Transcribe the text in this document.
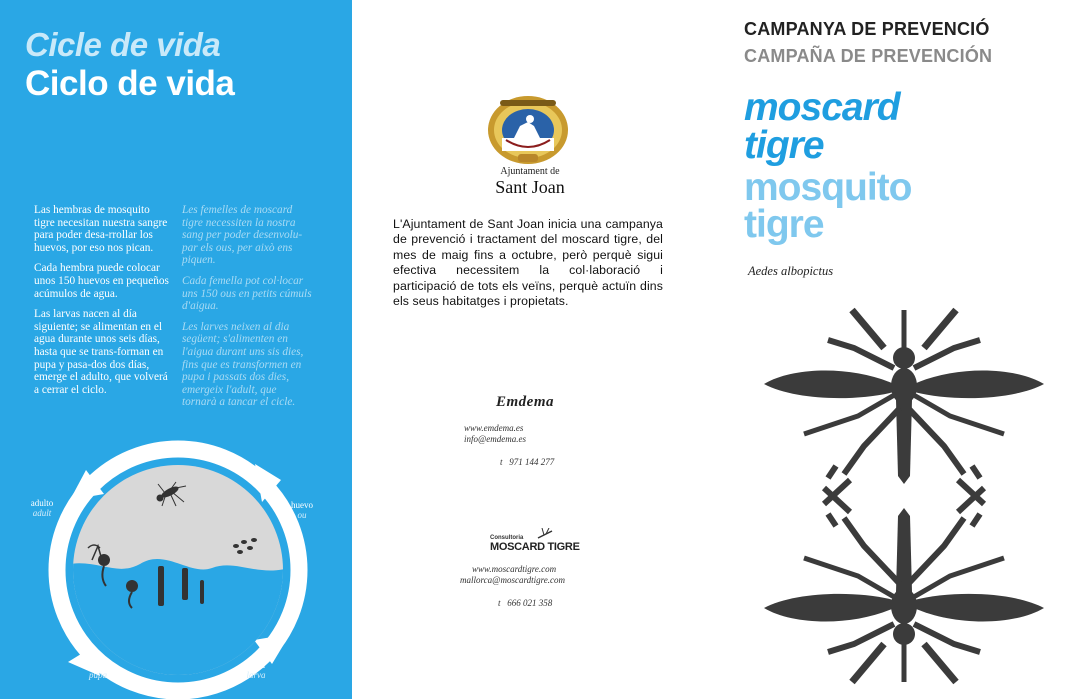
Cicle de vida
Ciclo de vida

Las hembras de mosquito tigre necesitan nuestra sangre para poder desa-rrollar los huevos, por eso nos pican.

Cada hembra puede colocar unos 150 huevos en pequeños acúmulos de agua.

Las larvas nacen al día siguiente; se alimentan en el agua durante unos seis días, hasta que se trans-forman en pupa y pasa-dos dos días, emerge el adulto, que volverá a cerrar el ciclo.

Les femelles de moscard tigre necessiten la nostra sang per poder desenvolu-par els ous, per això ens piquen.

Cada femella pot col·locar uns 150 ous en petits cúmuls d'aigua.

Les larves neixen al dia següent; s'alimenten en l'aigua durant uns sis dies, fins que es transformen en pupa i passats dos dies, emergeix l'adult, que tornarà a tancar el cicle.

adulto
adult
huevo
ou
pupa
pupa
larva
larva
Ajuntament de
Sant Joan
L'Ajuntament de Sant Joan inicia una campanya de prevenció i tractament del moscard tigre, del mes de maig fins a octubre, però perquè sigui efectiva necessitem la col·laboració i participació de tots els veïns, perquè actuïn dins els seus habitatges i propietats.
Emdema
www.emdema.es
info@emdema.es
t   971 144 277
Consultoria
MOSCARD TIGRE
www.moscardtigre.com
mallorca@moscardtigre.com
t   666 021 358
CAMPANYA DE PREVENCIÓ
CAMPAÑA DE PREVENCIÓN
moscard
tigre
mosquito
tigre
Aedes albopictus
